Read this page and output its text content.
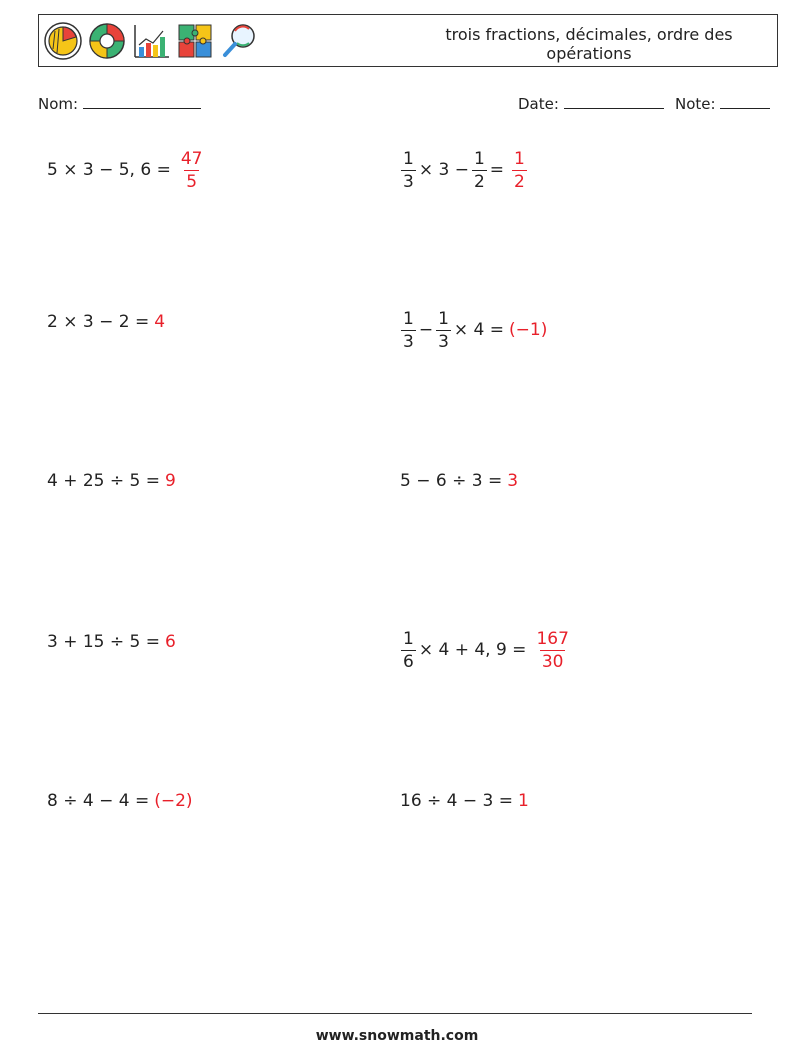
trois fractions, décimales, ordre des opérations
Nom:	Date:	Note:
5 × 3 − 5, $6 = \frac{47}{5}$	$\frac{1}{3} \times 3 - \frac{1}{2} = \frac{1}{2}$
2 × 3 − 2 = 4	$\frac{1}{3} - \frac{1}{3} \times 4 = (-1)$
4 + 25 ÷ 5 = 9	5 − 6 ÷ 3 = 3
3 + 15 ÷ 5 = 6	$\frac{1}{6} \times 4 + 4$, $9 = \frac{167}{30}$
8 ÷ 4 − 4 = (−2)	16 ÷ 4 − 3 = 1
www.snowmath.com
